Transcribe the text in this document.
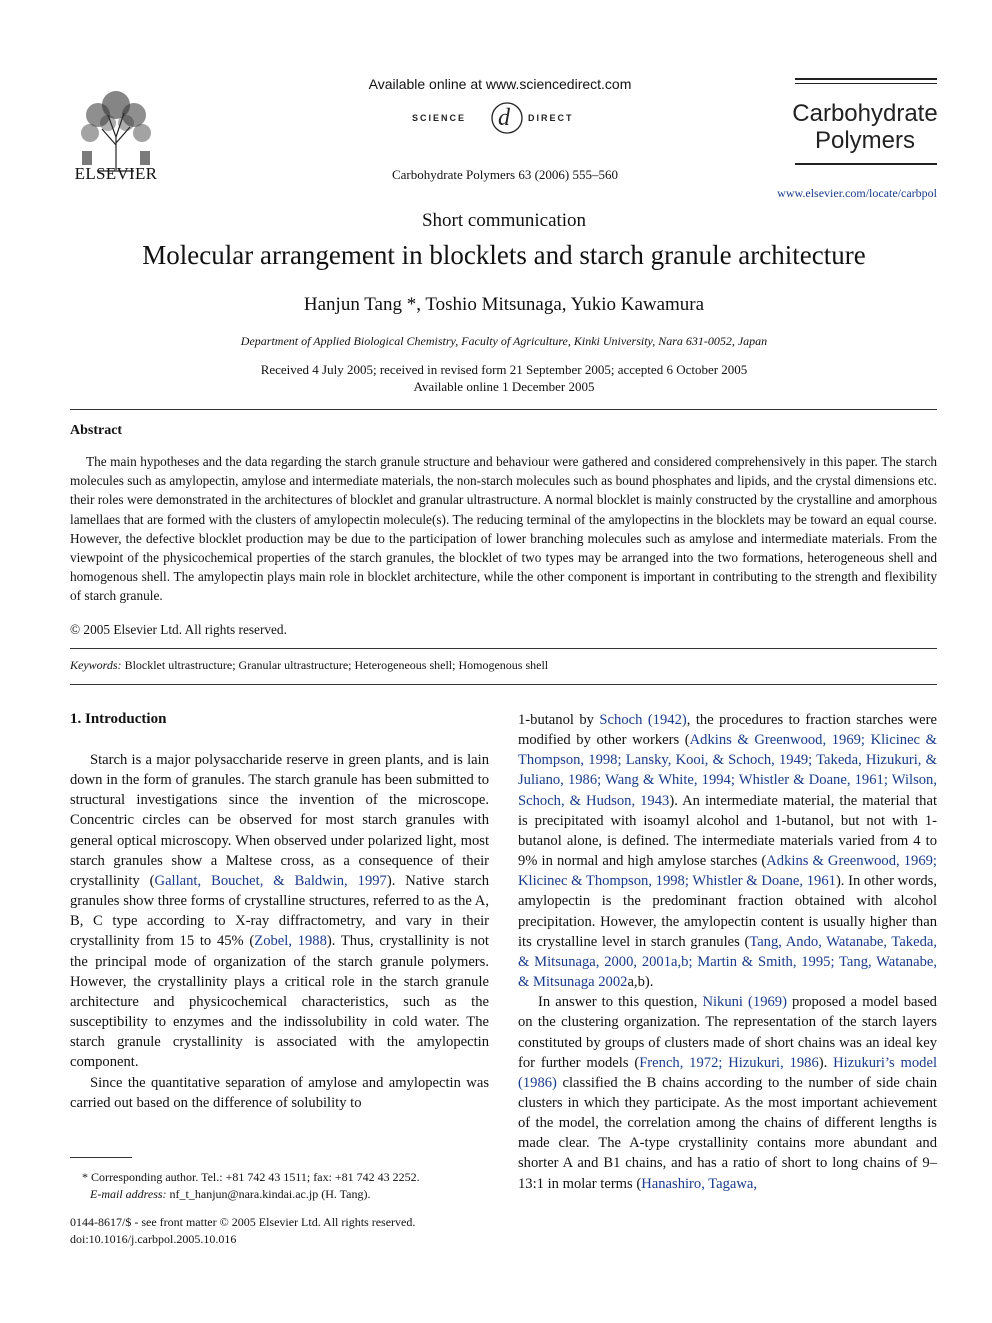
ELSEVIER
Available online at www.sciencedirect.com
SCIENCE d DIRECT
Carbohydrate Polymers 63 (2006) 555–560
Carbohydrate
Polymers
www.elsevier.com/locate/carbpol
Short communication
Molecular arrangement in blocklets and starch granule architecture
Hanjun Tang *, Toshio Mitsunaga, Yukio Kawamura
Department of Applied Biological Chemistry, Faculty of Agriculture, Kinki University, Nara 631-0052, Japan
Received 4 July 2005; received in revised form 21 September 2005; accepted 6 October 2005
Available online 1 December 2005
Abstract

The main hypotheses and the data regarding the starch granule structure and behaviour were gathered and considered comprehensively in this paper. The starch molecules such as amylopectin, amylose and intermediate materials, the non-starch molecules such as bound phosphates and lipids, and the crystal dimensions etc. their roles were demonstrated in the architectures of blocklet and granular ultrastructure. A normal blocklet is mainly constructed by the crystalline and amorphous lamellaes that are formed with the clusters of amylopectin molecule(s). The reducing terminal of the amylopectins in the blocklets may be toward an equal course. However, the defective blocklet production may be due to the participation of lower branching molecules such as amylose and intermediate materials. From the viewpoint of the physicochemical properties of the starch granules, the blocklet of two types may be arranged into the two formations, heterogeneous shell and homogenous shell. The amylopectin plays main role in blocklet architecture, while the other component is important in contributing to the strength and flexibility of starch granule.

© 2005 Elsevier Ltd. All rights reserved.
Keywords: Blocklet ultrastructure; Granular ultrastructure; Heterogeneous shell; Homogenous shell
1. Introduction

Starch is a major polysaccharide reserve in green plants, and is lain down in the form of granules. The starch granule has been submitted to structural investigations since the invention of the microscope. Concentric circles can be observed for most starch granules with general optical microscopy. When observed under polarized light, most starch granules show a Maltese cross, as a consequence of their crystallinity (Gallant, Bouchet, & Baldwin, 1997). Native starch granules show three forms of crystalline structures, referred to as the A, B, C type according to X-ray diffractometry, and vary in their crystallinity from 15 to 45% (Zobel, 1988). Thus, crystallinity is not the principal mode of organization of the starch granule polymers. However, the crystallinity plays a critical role in the starch granule architecture and physicochemical characteristics, such as the susceptibility to enzymes and the indissolubility in cold water. The starch granule crystallinity is associated with the amylopectin component.

Since the quantitative separation of amylose and amylopectin was carried out based on the difference of solubility to

1-butanol by Schoch (1942), the procedures to fraction starches were modified by other workers (Adkins & Greenwood, 1969; Klicinec & Thompson, 1998; Lansky, Kooi, & Schoch, 1949; Takeda, Hizukuri, & Juliano, 1986; Wang & White, 1994; Whistler & Doane, 1961; Wilson, Schoch, & Hudson, 1943). An intermediate material, the material that is precipitated with isoamyl alcohol and 1-butanol, but not with 1-butanol alone, is defined. The intermediate materials varied from 4 to 9% in normal and high amylose starches (Adkins & Greenwood, 1969; Klicinec & Thompson, 1998; Whistler & Doane, 1961). In other words, amylopectin is the predominant fraction obtained with alcohol precipitation. However, the amylopectin content is usually higher than its crystalline level in starch granules (Tang, Ando, Watanabe, Takeda, & Mitsunaga, 2000, 2001a,b; Martin & Smith, 1995; Tang, Watanabe, & Mitsunaga 2002a,b).

In answer to this question, Nikuni (1969) proposed a model based on the clustering organization. The representation of the starch layers constituted by groups of clusters made of short chains was an ideal key for further models (French, 1972; Hizukuri, 1986). Hizukuri’s model (1986) classified the B chains according to the number of side chain clusters in which they participate. As the most important achievement of the model, the correlation among the chains of different lengths is made clear. The A-type crystallinity contains more abundant and shorter A and B1 chains, and has a ratio of short to long chains of 9–13:1 in molar terms (Hanashiro, Tagawa,

* Corresponding author. Tel.: +81 742 43 1511; fax: +81 742 43 2252.
E-mail address: nf_t_hanjun@nara.kindai.ac.jp (H. Tang).
0144-8617/$ - see front matter © 2005 Elsevier Ltd. All rights reserved.
doi:10.1016/j.carbpol.2005.10.016
